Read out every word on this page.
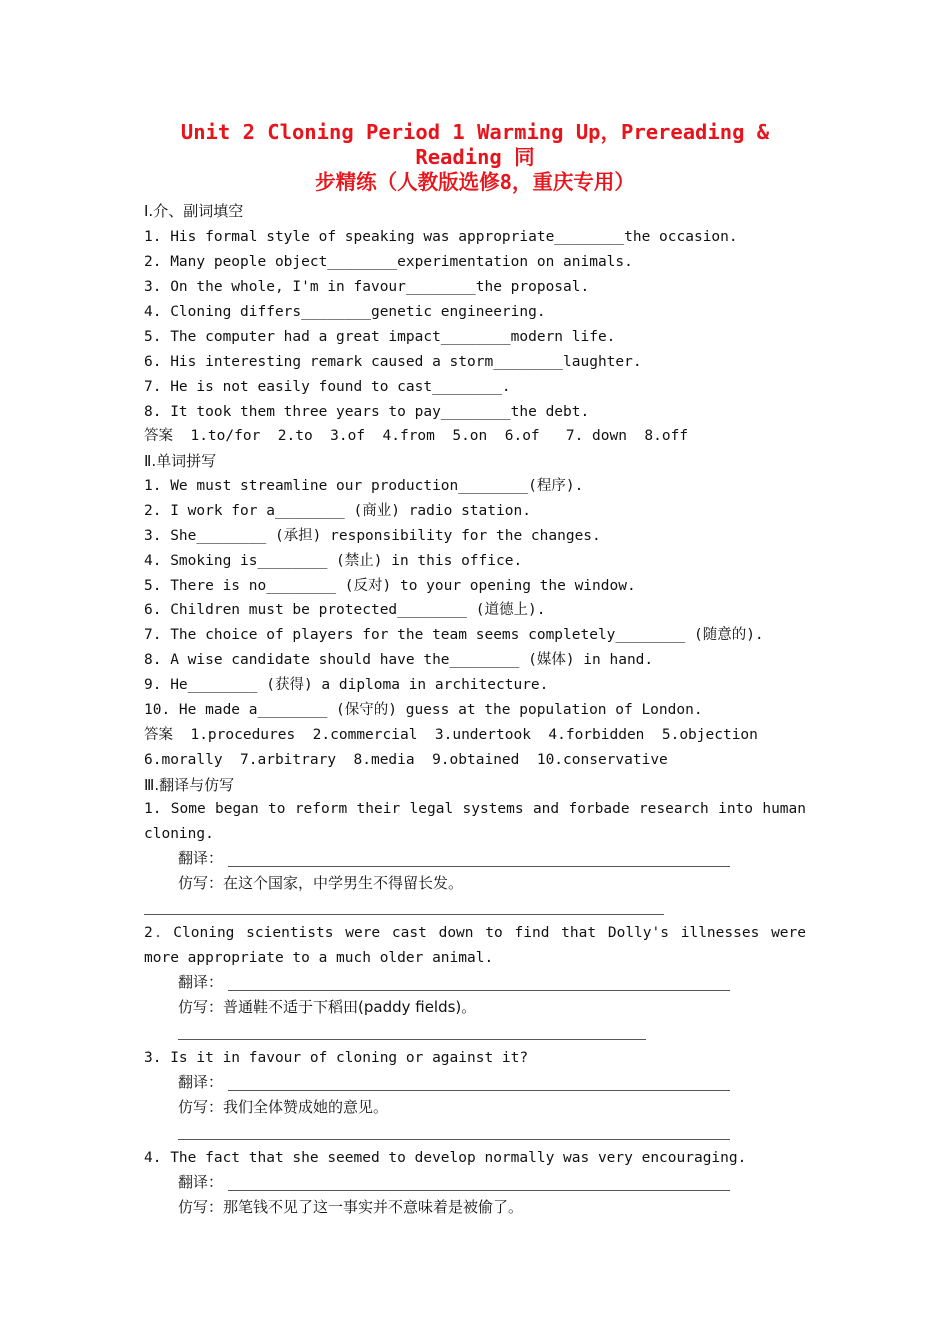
Unit 2 Cloning Period 1 Warming Up，Prereading & Reading 同
步精练（人教版选修8，重庆专用）
I.介、副词填空
1. His formal style of speaking was appropriate________the occasion.
2. Many people object________experimentation on animals.
3. On the whole, I'm in favour________the proposal.
4. Cloning differs________genetic engineering.
5. The computer had a great impact________modern life.
6. His interesting remark caused a storm________laughter.
7. He is not easily found to cast________.
8. It took them three years to pay________the debt.
答案  1.to/for  2.to  3.of  4.from  5.on  6.of   7. down  8.off
Ⅱ.单词拼写
1. We must streamline our production________(程序).
2. I work for a________ (商业) radio station.
3. She________ (承担) responsibility for the changes.
4. Smoking is________ (禁止) in this office.
5. There is no________ (反对) to your opening the window.
6. Children must be protected________ (道德上).
7. The choice of players for the team seems completely________ (随意的).
8. A wise candidate should have the________ (媒体) in hand.
9. He________ (获得) a diploma in architecture.
10. He made a________ (保守的) guess at the population of London.
答案  1.procedures  2.commercial  3.undertook  4.forbidden  5.objection
6.morally  7.arbitrary  8.media  9.obtained  10.conservative
Ⅲ.翻译与仿写
1. Some began to reform their legal systems and forbade research into human cloning.
翻译：
仿写：在这个国家，中学男生不得留长发。
2．Cloning scientists were cast down to find that Dolly's illnesses were more appropriate to a much older animal.
翻译：
仿写：普通鞋不适于下稻田(paddy fields)。
3. Is it in favour of cloning or against it?
翻译：
仿写：我们全体赞成她的意见。
4. The fact that she seemed to develop normally was very encouraging.
翻译：
仿写：那笔钱不见了这一事实并不意味着是被偷了。
